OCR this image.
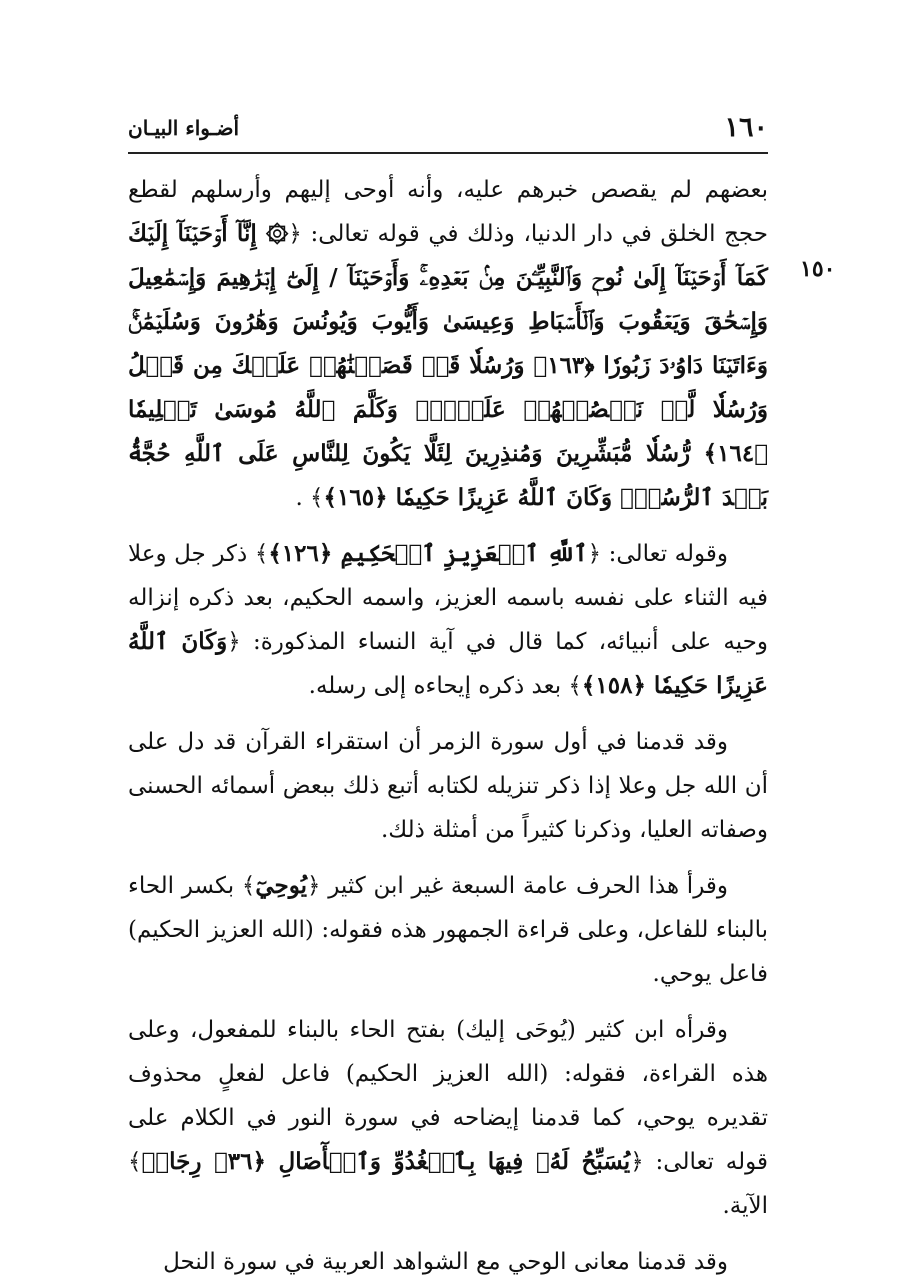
١٦٠
أضـواء البيـان
١٥٠

بعضهم لم يقصص خبرهم عليه، وأنه أوحى إليهم وأرسلهم لقطع حجج الخلق في دار الدنيا، وذلك في قوله تعالى: ﴿۞ إِنَّآ أَوۡحَيۡنَآ إِلَيۡكَ كَمَآ أَوۡحَيۡنَآ إِلَىٰ نُوحٖ وَٱلنَّبِيِّـۧنَ مِنۢ بَعۡدِهِۦۚ وَأَوۡحَيۡنَآ / إِلَىٰٓ إِبۡرَٰهِيمَ وَإِسۡمَٰعِيلَ وَإِسۡحَٰقَ وَيَعۡقُوبَ وَٱلۡأَسۡبَاطِ وَعِيسَىٰ وَأَيُّوبَ وَيُونُسَ وَهَٰرُونَ وَسُلَيۡمَٰنَۚ وَءَاتَيۡنَا دَاوُۥدَ زَبُورٗا ﴿١٦٣﴾ وَرُسُلٗا قَدۡ قَصَصۡنَٰهُمۡ عَلَيۡكَ مِن قَبۡلُ وَرُسُلٗا لَّمۡ نَقۡصُصۡهُمۡ عَلَيۡكَۚ وَكَلَّمَ ٱللَّهُ مُوسَىٰ تَكۡلِيمٗا ﴿١٦٤﴾ رُّسُلٗا مُّبَشِّرِينَ وَمُنذِرِينَ لِئَلَّا يَكُونَ لِلنَّاسِ عَلَى ٱللَّهِ حُجَّةُۢ بَعۡدَ ٱلرُّسُلِۚ وَكَانَ ٱللَّهُ عَزِيزًا حَكِيمٗا ﴿١٦٥﴾﴾ .

وقوله تعالى: ﴿ٱللَّهِ ٱلۡعَزِيزِ ٱلۡحَكِيمِ ﴿١٢٦﴾﴾ ذكر جل وعلا فيه الثناء على نفسه باسمه العزيز، واسمه الحكيم، بعد ذكره إنزاله وحيه على أنبيائه، كما قال في آية النساء المذكورة: ﴿وَكَانَ ٱللَّهُ عَزِيزًا حَكِيمٗا ﴿١٥٨﴾﴾ بعد ذكره إيحاءه إلى رسله.

وقد قدمنا في أول سورة الزمر أن استقراء القرآن قد دل على أن الله جل وعلا إذا ذكر تنزيله لكتابه أتبع ذلك ببعض أسمائه الحسنى وصفاته العليا، وذكرنا كثيراً من أمثلة ذلك.

وقرأ هذا الحرف عامة السبعة غير ابن كثير ﴿يُوحِيٓ﴾ بكسر الحاء بالبناء للفاعل، وعلى قراءة الجمهور هذه فقوله: (الله العزيز الحكيم) فاعل يوحي.

وقرأه ابن كثير (يُوحَى إليك) بفتح الحاء بالبناء للمفعول، وعلى هذه القراءة، فقوله: (الله العزيز الحكيم) فاعل لفعلٍ محذوف تقديره يوحي، كما قدمنا إيضاحه في سورة النور في الكلام على قوله تعالى: ﴿يُسَبِّحُ لَهُۥ فِيهَا بِٱلۡغُدُوِّ وَٱلۡأٓصَالِ ﴿٣٦﴾ رِجَالٞ﴾ الآية.

وقد قدمنا معانى الوحي مع الشواهد العربية في سورة النحل
